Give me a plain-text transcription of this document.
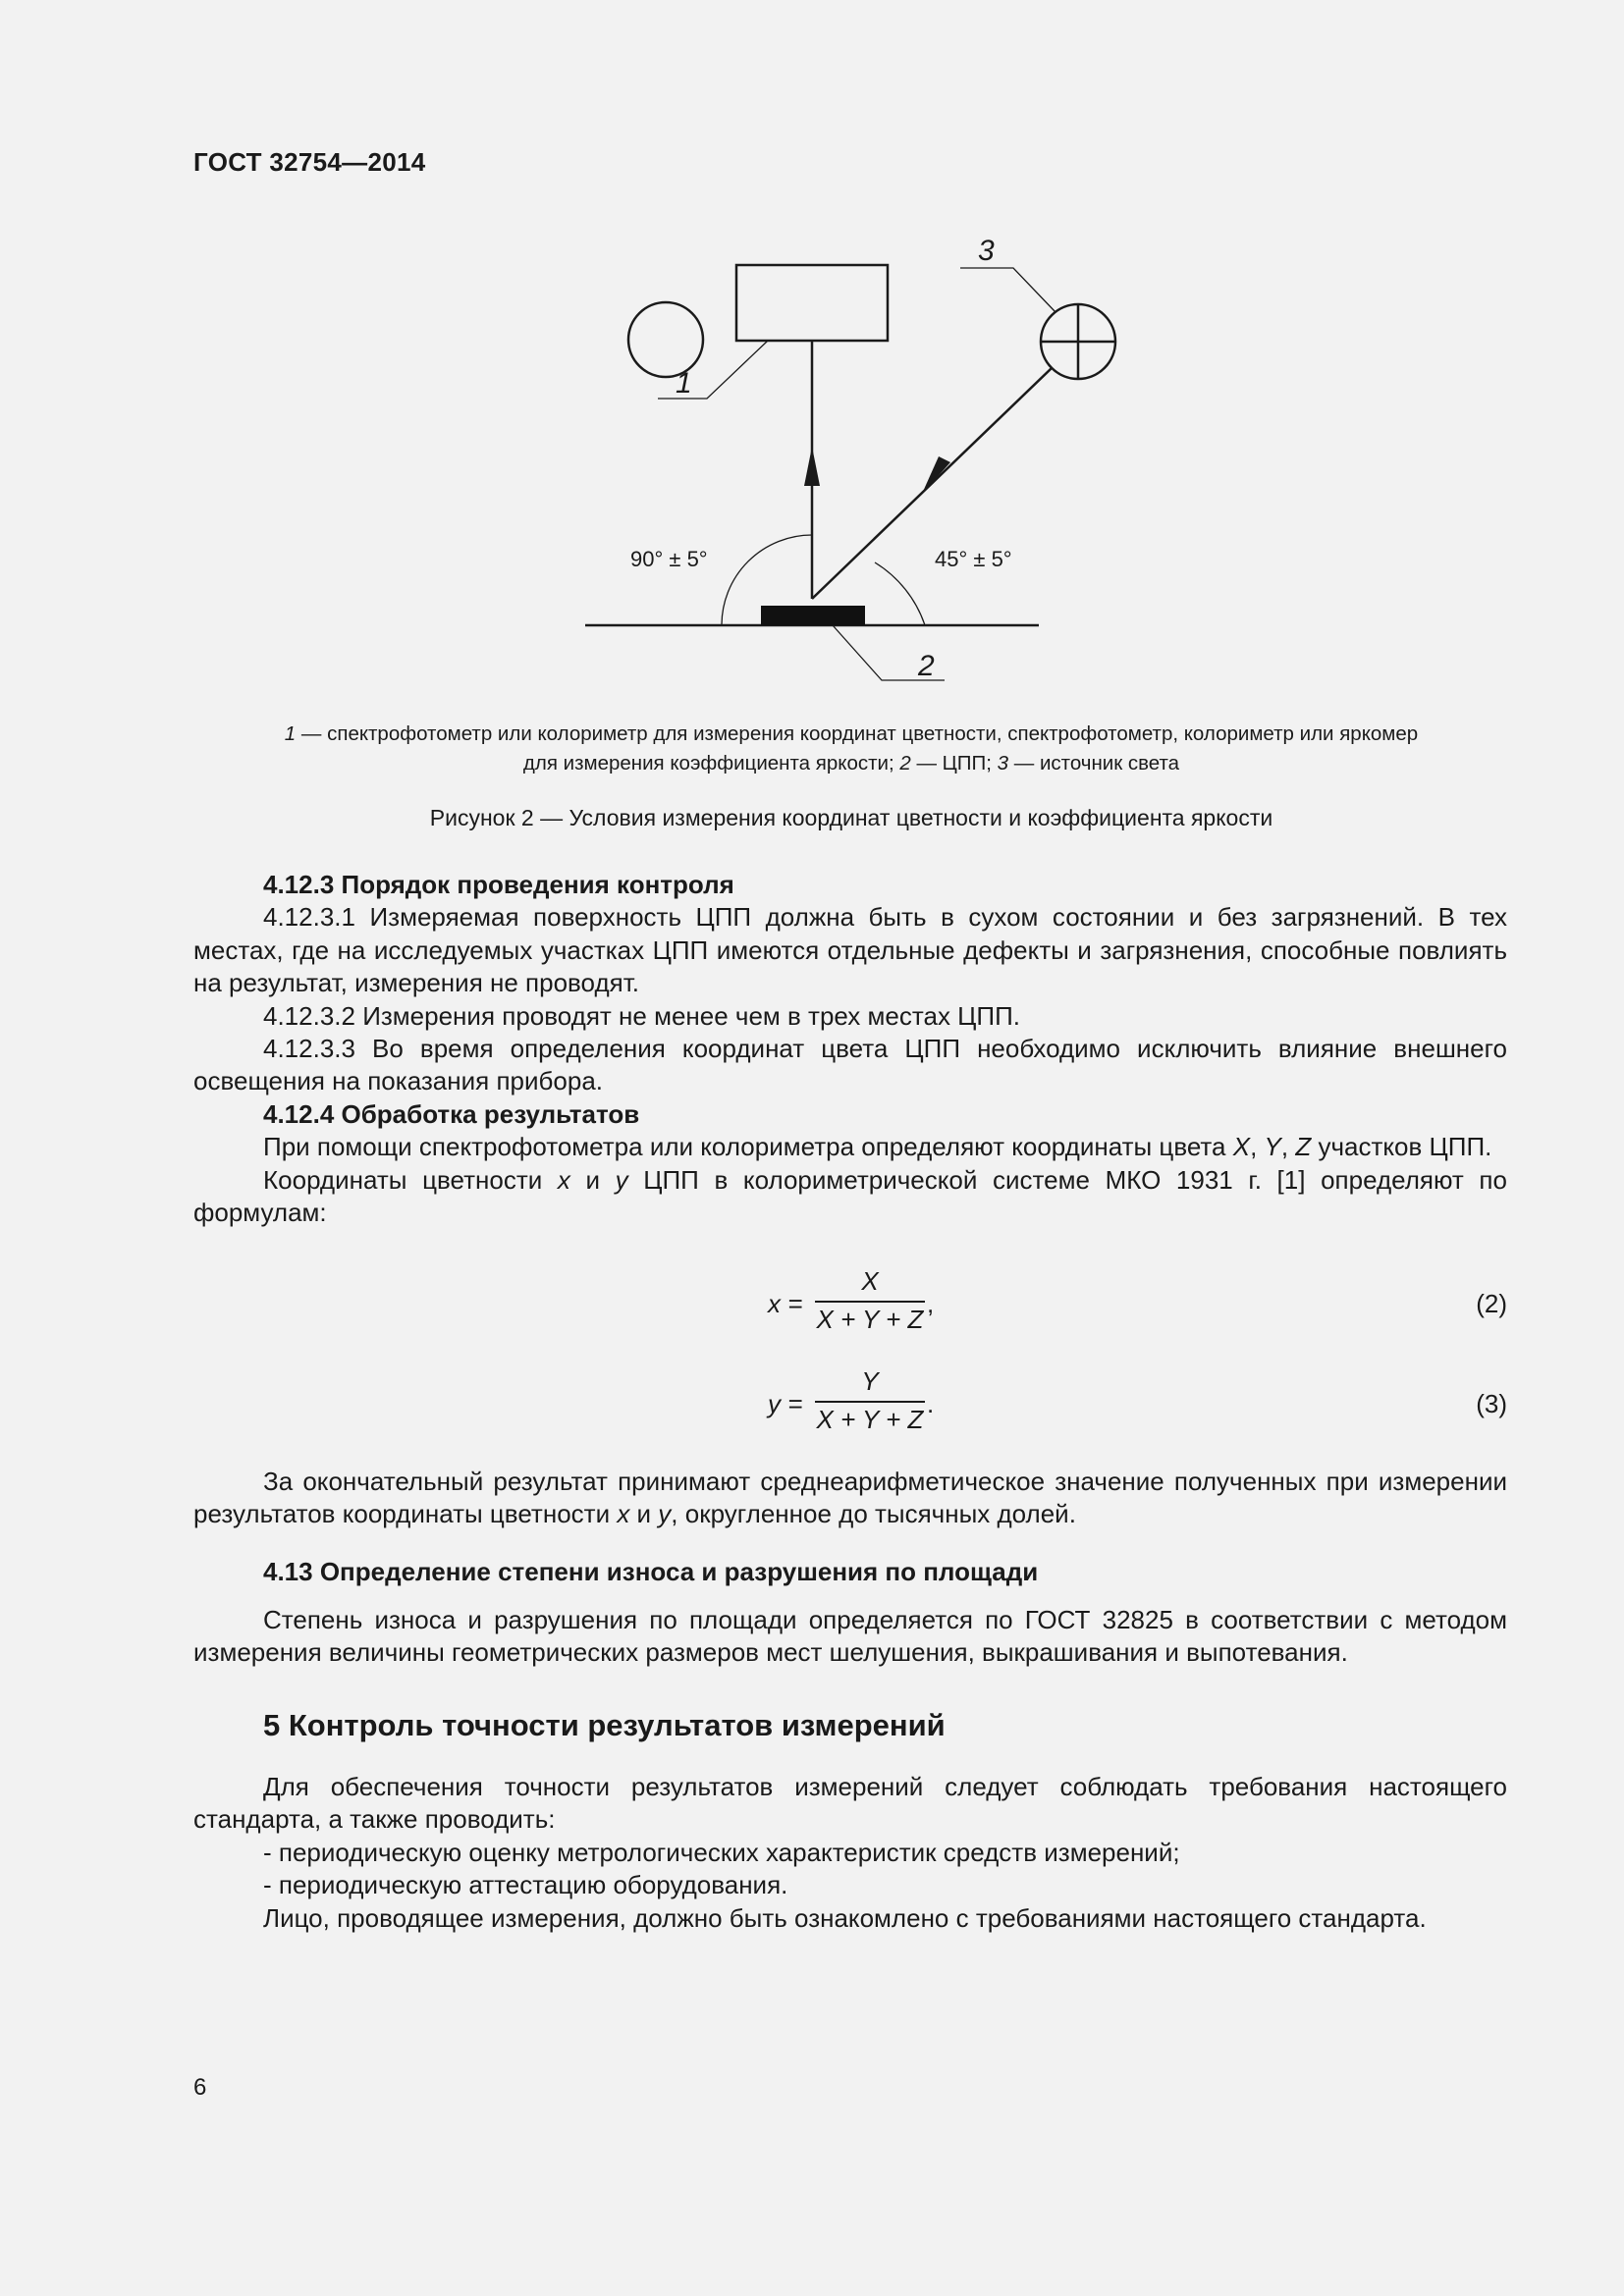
ГОСТ 32754—2014
1
90° ± 5°	45° ± 5°
2
3
1 — спектрофотометр или колориметр для измерения координат цветности, спектрофотометр, колориметр или яркомер
для измерения коэффициента яркости; 2 — ЦПП; 3 — источник света
Рисунок 2 — Условия измерения координат цветности и коэффициента яркости

4.12.3 Порядок проведения контроля

4.12.3.1 Измеряемая поверхность ЦПП должна быть в сухом состоянии и без загрязнений. В тех местах, где на исследуемых участках ЦПП имеются отдельные дефекты и загрязнения, способные повлиять на результат, измерения не проводят.

4.12.3.2 Измерения проводят не менее чем в трех местах ЦПП.

4.12.3.3 Во время определения координат цвета ЦПП необходимо исключить влияние внешнего освещения на показания прибора.

4.12.4 Обработка результатов

При помощи спектрофотометра или колориметра определяют координаты цвета X, Y, Z участков ЦПП.

Координаты цветности x и y ЦПП в колориметрической системе МКО 1931 г. [1] определяют по формулам:

x =
X
X + Y + Z
,	(2)
y =
Y
X + Y + Z
.	(3)

За окончательный результат принимают среднеарифметическое значение полученных при измерении результатов координаты цветности x и y, округленное до тысячных долей.

4.13 Определение степени износа и разрушения по площади

Степень износа и разрушения по площади определяется по ГОСТ 32825 в соответствии с методом измерения величины геометрических размеров мест шелушения, выкрашивания и выпотевания.

5 Контроль точности результатов измерений

Для обеспечения точности результатов измерений следует соблюдать требования настоящего стандарта, а также проводить:

- периодическую оценку метрологических характеристик средств измерений;

- периодическую аттестацию оборудования.

Лицо, проводящее измерения, должно быть ознакомлено с требованиями настоящего стандарта.

6
